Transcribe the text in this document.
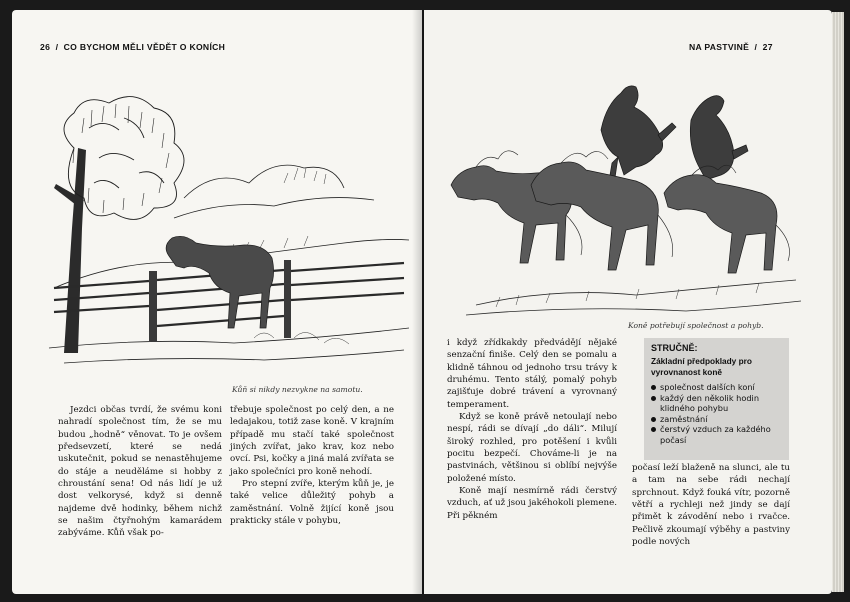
26 / CO BYCHOM MĚLI VĚDĚT O KONÍCH
Kůň si nikdy nezvykne na samotu.

Jezdci občas tvrdí, že svému koni nahradí společnost tím, že se mu budou „hodně“ věnovat. To je ovšem předsevzetí, které se nedá uskutečnit, pokud se nenastěhujeme do stáje a neuděláme si hobby z chroustání sena! Od nás lidí je už dost velkorysé, když si denně najdeme dvě hodinky, během nichž se našim čtyřnohým kamarádem zabýváme. Kůň však po-

třebuje společnost po celý den, a ne ledajakou, totiž zase koně. V krajním případě mu stačí také společnost jiných zvířat, jako krav, koz nebo ovcí. Psi, kočky a jiná malá zvířata se jako společníci pro koně nehodí.

Pro stepní zvíře, kterým kůň je, je také velice důležitý pohyb a zaměstnání. Volně žijící koně jsou prakticky stále v pohybu,

NA PASTVINĚ / 27
Koně potřebují společnost a pohyb.

i když zřídkakdy předvádějí nějaké senzační finiše. Celý den se pomalu a klidně táhnou od jednoho trsu trávy k druhému. Tento stálý, pomalý pohyb zajišťuje dobré trávení a vyrovnaný temperament.

Když se koně právě netoulají nebo nespí, rádi se dívají „do dáli“. Milují široký rozhled, pro potěšení i kvůli pocitu bezpečí. Chováme-li je na pastvinách, většinou si oblíbí nejvýše položené místo.

Koně mají nesmírně rádi čerstvý vzduch, ať už jsou jakéhokoli plemene. Při pěkném

STRUČNĚ:
Základní předpoklady pro vyrovnanost koně
společnost dalších koní
každý den několik hodin klidného pohybu
zaměstnání
čerstvý vzduch za každého počasí

počasí leží blaženě na slunci, ale tu a tam na sebe rádi nechají sprchnout. Když fouká vítr, pozorně větří a rychleji než jindy se dají přimět k závodění nebo i rvačce. Pečlivě zkoumají výběhy a pastviny podle nových
